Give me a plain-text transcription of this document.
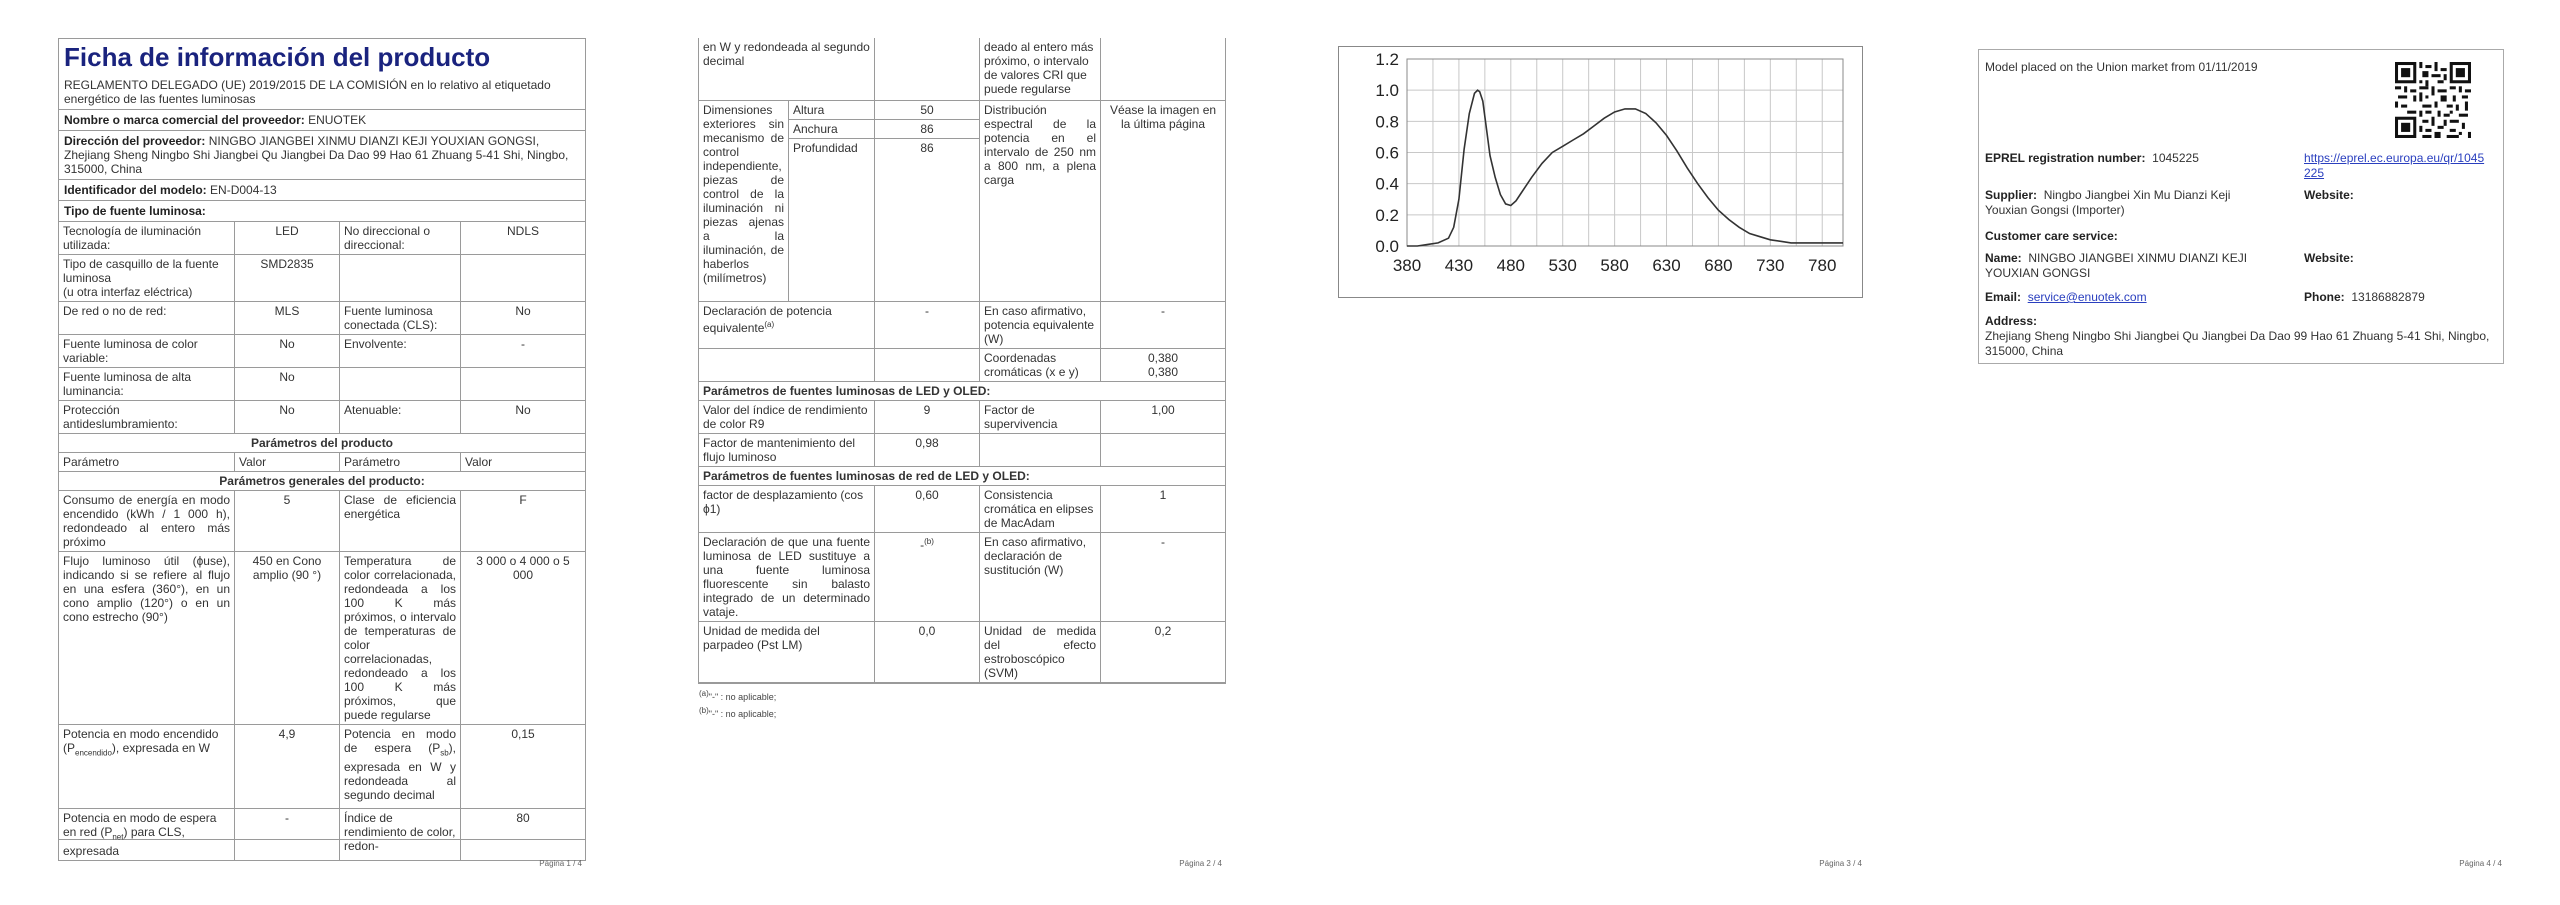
Ficha de información del producto
REGLAMENTO DELEGADO (UE) 2019/2015 DE LA COMISIÓN en lo relativo al etiquetado energético de las fuentes luminosas
Nombre o marca comercial del proveedor: ENUOTEK
Dirección del proveedor: NINGBO JIANGBEI XINMU DIANZI KEJI YOUXIAN GONGSI, Zhejiang Sheng Ningbo Shi Jiangbei Qu Jiangbei Da Dao 99 Hao 61 Zhuang 5-41 Shi, Ningbo, 315000, China
Identificador del modelo: EN-D004-13
Tipo de fuente luminosa:
Tecnología de iluminación utilizada:	LED	No direccional o direccional:	NDLS
Tipo de casquillo de la fuente luminosa
(u otra interfaz eléctrica)	SMD2835		
De red o no de red:	MLS	Fuente luminosa conectada (CLS):	No
Fuente luminosa de color variable:	No	Envolvente:	-
Fuente luminosa de alta luminancia:	No		
Protección antideslumbramiento:	No	Atenuable:	No
Parámetros del producto			
Parámetro	Valor	Parámetro	Valor
Parámetros generales del producto:			
Consumo de energía en modo encendido (kWh / 1 000 h), redondeado al entero más próximo	5	Clase de eficiencia energética	F
Flujo luminoso útil (ϕuse), indicando si se refiere al flujo en una esfera (360°), en un cono amplio (120°) o en un cono estrecho (90°)	450 en Cono amplio (90 °)	Temperatura de color correlacionada, redondeada a los 100 K más próximos, o intervalo de temperaturas de color correlacionadas, redondeado a los 100 K más próximos, que puede regularse	3 000 o 4 000 o 5 000
Potencia en modo encendido $(P_{encendido})$, expresada en W	4,9	Potencia en modo de espera $(P_{sb})$, expresada en W y redondeada al segundo decimal	0,15
Potencia en modo de espera en red $(P_{net})$ para CLS, expresada	-	Índice de rendimiento de color, redon-	80
Página 1 / 4
en W y redondeada al segundo decimal			deado al entero más próximo, o intervalo de valores CRI que puede regularse	
Dimensiones exteriores sin mecanismo de control independiente, piezas de control de la iluminación ni piezas ajenas a la iluminación, de haberlos (milímetros)	Altura	50	Distribución espectral de la potencia en el intervalo de 250 nm a 800 nm, a plena carga	Véase la imagen en la última página
	Anchura	86		
	Profundidad	86		
Declaración de potencia equivalente$^{(a)}$		-	En caso afirmativo, potencia equivalente (W)	-
			Coordenadas cromáticas (x e y)	0,380
0,380

Parámetros de fuentes luminosas de LED y OLED:				
Valor del índice de rendimiento de color R9		9	Factor de supervivencia	1,00
Factor de mantenimiento del flujo luminoso		0,98		
Parámetros de fuentes luminosas de red de LED y OLED:				
factor de desplazamiento (cos ϕ1)		0,60	Consistencia cromática en elipses de MacAdam	1
Declaración de que una fuente luminosa de LED sustituye a una fuente luminosa fluorescente sin balasto integrado de un determinado vataje.		-$^{(b)}$	En caso afirmativo, declaración de sustitución (W)	-
Unidad de medida del parpadeo (Pst LM)		0,0	Unidad de medida del efecto estroboscópico (SVM)	0,2
$^{(a)}$"-" : no aplicable;
$^{(b)}$"-" : no aplicable;
Página 2 / 4
0.0
0.2
0.4
0.6
0.8
1.0
1.2
380 430 480 530 580 630 680 730 780
Página 3 / 4
Model placed on the Union market from 01/11/2019
EPREL registration number: 1045225	https://eprel.ec.europa.eu/qr/1045225
Supplier: Ningbo Jiangbei Xin Mu Dianzi Keji Youxian Gongsi (Importer)
Website:
Customer care service:
Name: NINGBO JIANGBEI XINMU DIANZI KEJI YOUXIAN GONGSI
Website:
Email: service@enuotek.com	Phone: 13186882879
Address:
Zhejiang Sheng Ningbo Shi Jiangbei Qu Jiangbei Da Dao 99 Hao 61 Zhuang 5-41 Shi, Ningbo, 315000, China
Página 4 / 4
